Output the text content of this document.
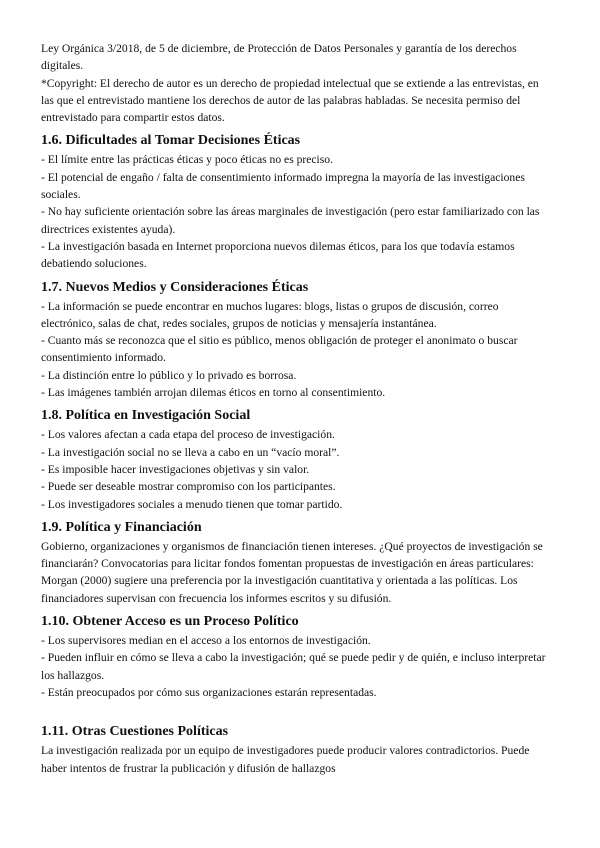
Ley Orgánica 3/2018, de 5 de diciembre, de Protección de Datos Personales y garantía de los derechos digitales.

*Copyright: El derecho de autor es un derecho de propiedad intelectual que se extiende a las entrevistas, en las que el entrevistado mantiene los derechos de autor de las palabras habladas. Se necesita permiso del entrevistado para compartir estos datos.

1.6. Dificultades al Tomar Decisiones Éticas

- El límite entre las prácticas éticas y poco éticas no es preciso.

- El potencial de engaño / falta de consentimiento informado impregna la mayoría de las investigaciones sociales.

- No hay suficiente orientación sobre las áreas marginales de investigación (pero estar familiarizado con las directrices existentes ayuda).

- La investigación basada en Internet proporciona nuevos dilemas éticos, para los que todavía estamos debatiendo soluciones.

1.7. Nuevos Medios y Consideraciones Éticas

- La información se puede encontrar en muchos lugares: blogs, listas o grupos de discusión, correo electrónico, salas de chat, redes sociales, grupos de noticias y mensajería instantánea.

- Cuanto más se reconozca que el sitio es público, menos obligación de proteger el anonimato o buscar consentimiento informado.

- La distinción entre lo público y lo privado es borrosa.

- Las imágenes también arrojan dilemas éticos en torno al consentimiento.

1.8. Política en Investigación Social

- Los valores afectan a cada etapa del proceso de investigación.

- La investigación social no se lleva a cabo en un “vacío moral”.

- Es imposible hacer investigaciones objetivas y sin valor.

- Puede ser deseable mostrar compromiso con los participantes.

- Los investigadores sociales a menudo tienen que tomar partido.

1.9. Política y Financiación

Gobierno, organizaciones y organismos de financiación tienen intereses. ¿Qué proyectos de investigación se financiarán? Convocatorias para licitar fondos fomentan propuestas de investigación en áreas particulares: Morgan (2000) sugiere una preferencia por la investigación cuantitativa y orientada a las políticas. Los financiadores supervisan con frecuencia los informes escritos y su difusión.

1.10. Obtener Acceso es un Proceso Político

- Los supervisores median en el acceso a los entornos de investigación.

- Pueden influir en cómo se lleva a cabo la investigación; qué se puede pedir y de quién, e incluso interpretar los hallazgos.

- Están preocupados por cómo sus organizaciones estarán representadas.

1.11. Otras Cuestiones Políticas

La investigación realizada por un equipo de investigadores puede producir valores contradictorios. Puede haber intentos de frustrar la publicación y difusión de hallazgos
